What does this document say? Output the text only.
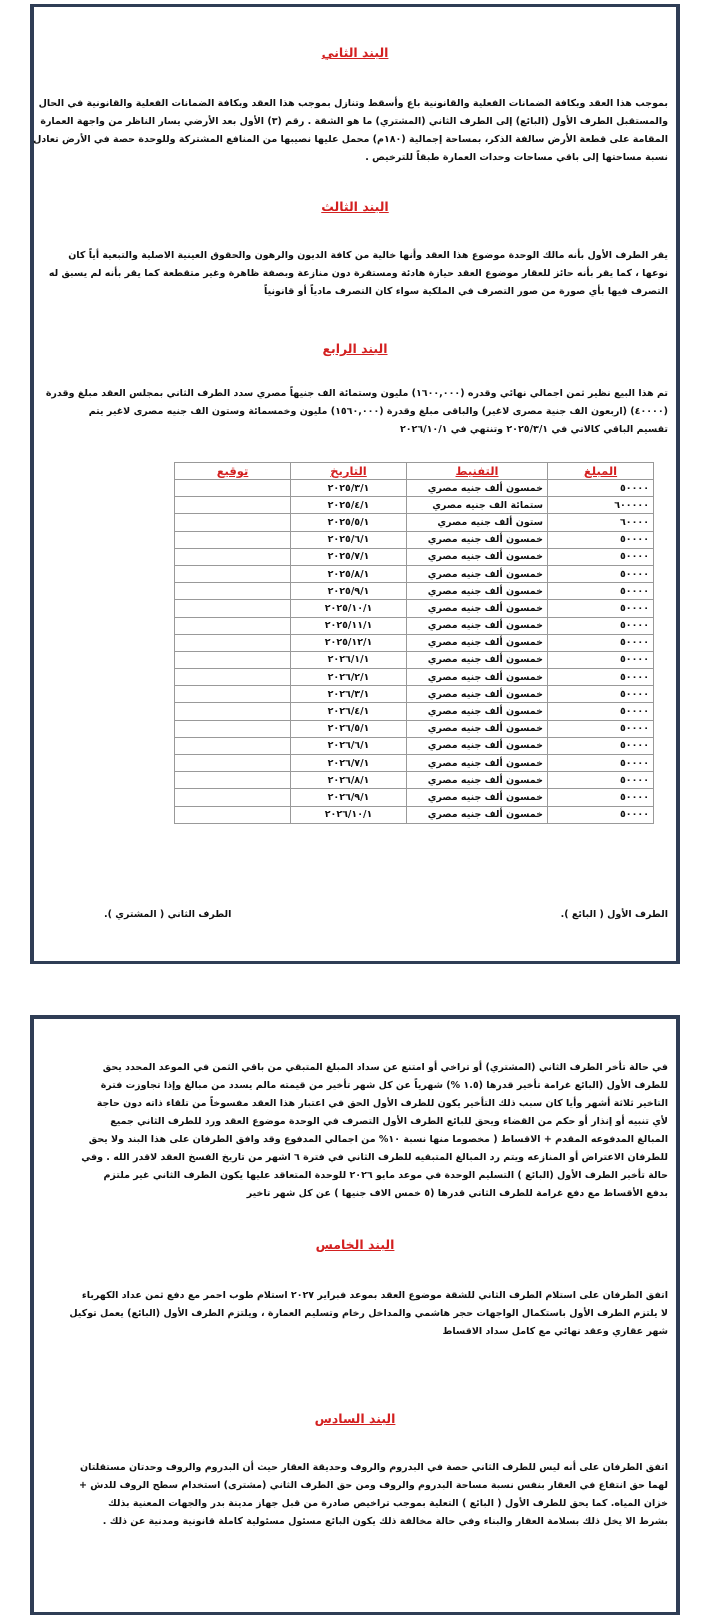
البند الثاني
بموجب هذا العقد وبكافة الضمانات الفعلية والقانونية باع وأسقط وتنازل بموجب هذا العقد وبكافة الضمانات الفعلية والقانونية في الحال
والمستقبل الطرف الأول (البائع) إلى الطرف الثاني (المشتري) ما هو الشقة . رقم (٣) الأول بعد الأرضي يسار الناظر من واجهة العمارة
المقامة على قطعة الأرض سالفة الذكر، بمساحة إجمالية (١٨٠م) محمل عليها نصيبها من المنافع المشتركة وللوحدة حصة في الأرض تعادل
نسبة مساحتها إلى باقي مساحات وحدات العمارة طبقاً للترخيص .
البند الثالث
يقر الطرف الأول بأنه مالك الوحدة موضوع هذا العقد وأنها خالية من كافة الديون والرهون والحقوق العينية الاصلية والتبعية أياً كان
نوعها ، كما يقر بأنه حائز للعقار موضوع العقد حيازة هادئة ومستقرة دون منازعة وبصفة ظاهرة وغير متقطعة كما يقر بأنه لم يسبق له
التصرف فيها بأي صورة من صور التصرف في الملكية سواء كان التصرف مادياً أو قانونياً
البند الرابع
تم هذا البيع نظير ثمن اجمالي نهائي وقدره (١٦٠٠,٠٠٠) مليون وستمائة الف جنيهاً مصري سدد الطرف الثاني بمجلس العقد مبلغ وقدرة
(٤٠٠٠٠) (اربعون الف جنية مصرى لاغير) والباقى مبلغ وقدرة (١٥٦٠,٠٠٠) مليون وخمسمائة وستون الف جنيه مصرى لاغير يتم
تقسيم الباقي كالاتي في ٢٠٢٥/٣/١ وتنتهي في ٢٠٢٦/١٠/١
المبلغ	التفنيط	التاريخ	توقيع
٥٠٠٠٠	خمسون ألف جنيه مصري	٢٠٢٥/٣/١	
٦٠٠٠٠٠	ستمائة الف جنيه مصري	٢٠٢٥/٤/١	
٦٠٠٠٠	ستون ألف جنيه مصري	٢٠٢٥/٥/١	
٥٠٠٠٠	خمسون ألف جنيه مصري	٢٠٢٥/٦/١	
٥٠٠٠٠	خمسون ألف جنيه مصري	٢٠٢٥/٧/١	
٥٠٠٠٠	خمسون ألف جنيه مصري	٢٠٢٥/٨/١	
٥٠٠٠٠	خمسون ألف جنيه مصري	٢٠٢٥/٩/١	
٥٠٠٠٠	خمسون ألف جنيه مصري	٢٠٢٥/١٠/١	
٥٠٠٠٠	خمسون ألف جنيه مصري	٢٠٢٥/١١/١	
٥٠٠٠٠	خمسون ألف جنيه مصري	٢٠٢٥/١٢/١	
٥٠٠٠٠	خمسون ألف جنيه مصري	٢٠٢٦/١/١	
٥٠٠٠٠	خمسون ألف جنيه مصري	٢٠٢٦/٢/١	
٥٠٠٠٠	خمسون ألف جنيه مصري	٢٠٢٦/٣/١	
٥٠٠٠٠	خمسون ألف جنيه مصري	٢٠٢٦/٤/١	
٥٠٠٠٠	خمسون ألف جنيه مصري	٢٠٢٦/٥/١	
٥٠٠٠٠	خمسون ألف جنيه مصري	٢٠٢٦/٦/١	
٥٠٠٠٠	خمسون ألف جنيه مصري	٢٠٢٦/٧/١	
٥٠٠٠٠	خمسون ألف جنيه مصري	٢٠٢٦/٨/١	
٥٠٠٠٠	خمسون ألف جنيه مصري	٢٠٢٦/٩/١	
٥٠٠٠٠	خمسون ألف جنيه مصري	٢٠٢٦/١٠/١	
الطرف الأول ( البائع ).
الطرف الثاني ( المشتري ).
في حالة تأخر الطرف الثاني (المشتري) أو تراخي أو امتنع عن سداد المبلغ المتبقي من باقي الثمن في الموعد المحدد يحق
للطرف الأول (البائع غرامة تأخير قدرها (١.٥ %) شهرياً عن كل شهر تأخير من قيمته مالم يسدد من مبالغ وإذا تجاوزت فترة
التاخير ثلاثة أشهر وأيا كان سبب ذلك التأخير يكون للطرف الأول الحق في اعتبار هذا العقد مفسوخاً من تلقاء ذاته دون حاجة
لأي تنبيه أو إنذار أو حكم من القضاء ويحق للبائع الطرف الأول التصرف في الوحدة موضوع العقد ورد للطرف الثاني جميع
المبالغ المدفوعه المقدم + الاقساط ( مخصوما منها نسبة ١٠% من اجمالي المدفوع وقد وافق الطرفان على هذا البند ولا يحق
للطرفان الاعتراض أو المنازعه ويتم رد المبالغ المتبقيه للطرف الثاني في فترة ٦ اشهر من تاريخ الفسخ العقد لاقدر الله . وفي
حالة تأخير الطرف الأول (البائع ) التسليم الوحدة في موعد مايو ٢٠٢٦ للوحدة المتعاقد عليها يكون الطرف الثاني غير ملتزم
بدفع الأقساط مع دفع غرامة للطرف الثاني قدرها (٥ خمس الاف جنيها ) عن كل شهر تاخير
البند الخامس
اتفق الطرفان على استلام الطرف الثاني للشقة موضوع العقد بموعد فبراير ٢٠٢٧ استلام طوب احمر مع دفع ثمن عداد الكهرباء
لا يلتزم الطرف الأول باستكمال الواجهات حجر هاشمي والمداخل رخام وتسليم العمارة ، ويلتزم الطرف الأول (البائع) يعمل توكيل
شهر عقاري وعقد نهائي مع كامل سداد الاقساط
البند السادس
اتفق الطرفان على أنه ليس للطرف الثاني حصة في البدروم والروف وحديقة العقار حيث أن البدروم والروف وحدتان مستقلتان
لهما حق انتفاع في العقار بنفس نسبة مساحة البدروم والروف ومن حق الطرف الثاني (مشترى) استخدام سطح الروف للدش +
خزان المياه. كما يحق للطرف الأول ( البائع ) التعلية بموجب تراخيص صادرة من قبل جهاز مدينة بدر والجهات المعنية بذلك
بشرط الا يخل ذلك بسلامة العقار والبناء وفي حالة مخالفة ذلك يكون البائع مسئول مسئولية كاملة قانونية ومدنية عن ذلك .
